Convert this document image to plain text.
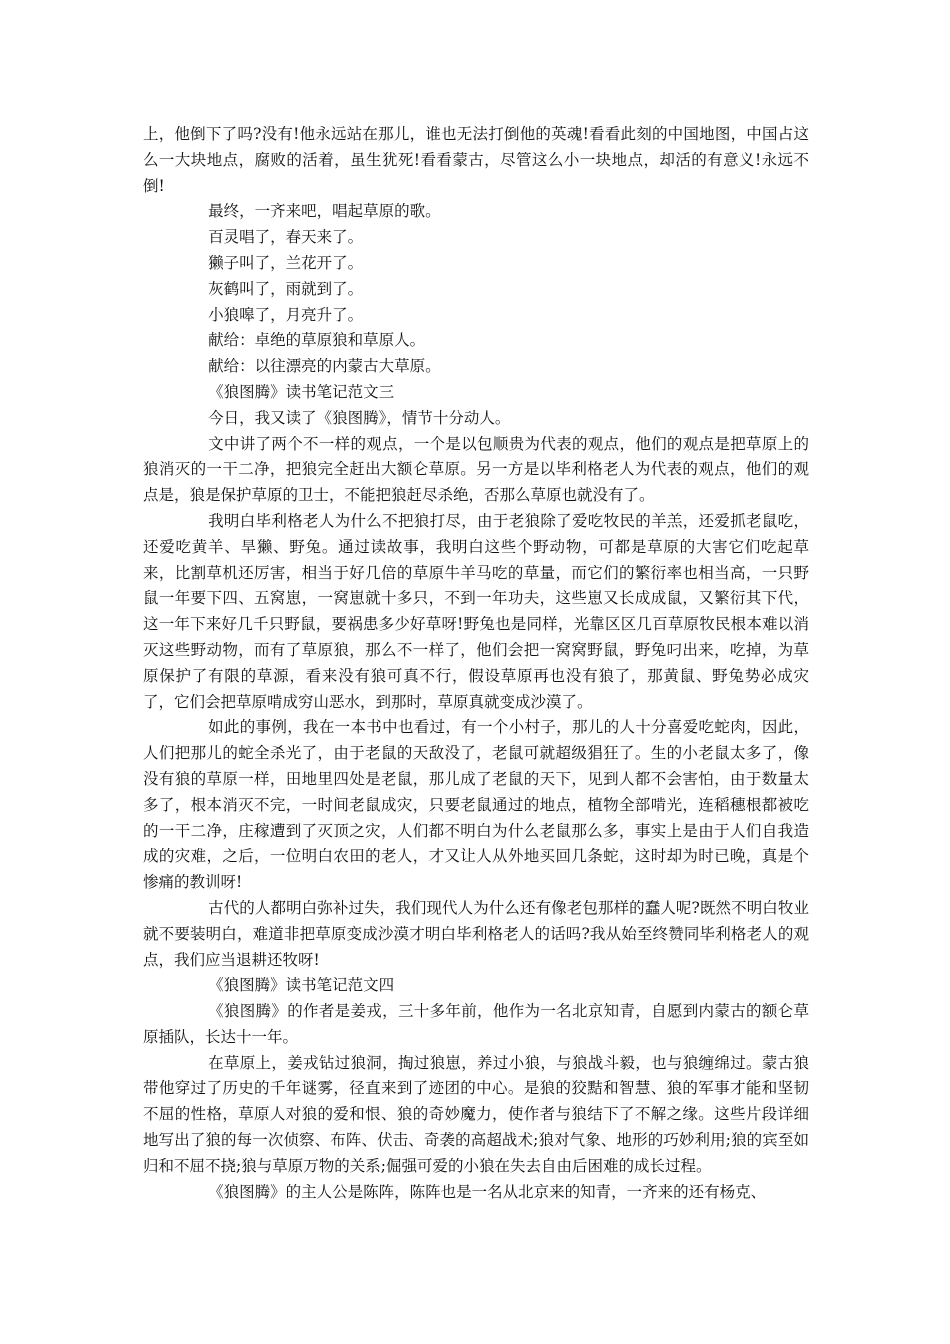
上，他倒下了吗?没有!他永远站在那儿，谁也无法打倒他的英魂!看看此刻的中国地图，中国占这么一大块地点，腐败的活着，虽生犹死!看看蒙古，尽管这么小一块地点，却活的有意义!永远不倒!

最终，一齐来吧，唱起草原的歌。

百灵唱了，春天来了。

獭子叫了，兰花开了。

灰鹤叫了，雨就到了。

小狼嗥了，月亮升了。

献给：卓绝的草原狼和草原人。

献给：以往漂亮的内蒙古大草原。

《狼图腾》读书笔记范文三

今日，我又读了《狼图腾》，情节十分动人。

文中讲了两个不一样的观点，一个是以包顺贵为代表的观点，他们的观点是把草原上的狼消灭的一干二净，把狼完全赶出大额仑草原。另一方是以毕利格老人为代表的观点，他们的观点是，狼是保护草原的卫士，不能把狼赶尽杀绝，否那么草原也就没有了。

我明白毕利格老人为什么不把狼打尽，由于老狼除了爱吃牧民的羊羔，还爱抓老鼠吃，还爱吃黄羊、旱獭、野兔。通过读故事，我明白这些个野动物，可都是草原的大害它们吃起草来，比割草机还厉害，相当于好几倍的草原牛羊马吃的草量，而它们的繁衍率也相当高，一只野鼠一年要下四、五窝崽，一窝崽就十多只，不到一年功夫，这些崽又长成成鼠，又繁衍其下代，这一年下来好几千只野鼠，要祸患多少好草呀!野兔也是同样，光靠区区几百草原牧民根本难以消灭这些野动物，而有了草原狼，那么不一样了，他们会把一窝窝野鼠，野兔叼出来，吃掉，为草原保护了有限的草源，看来没有狼可真不行，假设草原再也没有狼了，那黄鼠、野兔势必成灾了，它们会把草原啃成穷山恶水，到那时，草原真就变成沙漠了。

如此的事例，我在一本书中也看过，有一个小村子，那儿的人十分喜爱吃蛇肉，因此，人们把那儿的蛇全杀光了，由于老鼠的天敌没了，老鼠可就超级猖狂了。生的小老鼠太多了，像没有狼的草原一样，田地里四处是老鼠，那儿成了老鼠的天下，见到人都不会害怕，由于数量太多了，根本消灭不完，一时间老鼠成灾，只要老鼠通过的地点，植物全部啃光，连稻穗根都被吃的一干二净，庄稼遭到了灭顶之灾，人们都不明白为什么老鼠那么多，事实上是由于人们自我造成的灾难，之后，一位明白农田的老人，才又让人从外地买回几条蛇，这时却为时已晚，真是个惨痛的教训呀!

古代的人都明白弥补过失，我们现代人为什么还有像老包那样的蠢人呢?既然不明白牧业就不要装明白，难道非把草原变成沙漠才明白毕利格老人的话吗?我从始至终赞同毕利格老人的观点，我们应当退耕还牧呀!

《狼图腾》读书笔记范文四

《狼图腾》的作者是姜戎，三十多年前，他作为一名北京知青，自愿到内蒙古的额仑草原插队，长达十一年。

在草原上，姜戎钻过狼洞，掏过狼崽，养过小狼，与狼战斗毅，也与狼缠绵过。蒙古狼带他穿过了历史的千年谜雾，径直来到了迹团的中心。是狼的狡黠和智慧、狼的军事才能和坚韧不屈的性格，草原人对狼的爱和恨、狼的奇妙魔力，使作者与狼结下了不解之缘。这些片段详细地写出了狼的每一次侦察、布阵、伏击、奇袭的高超战术;狼对气象、地形的巧妙利用;狼的宾至如归和不屈不挠;狼与草原万物的关系;倔强可爱的小狼在失去自由后困难的成长过程。

《狼图腾》的主人公是陈阵，陈阵也是一名从北京来的知青，一齐来的还有杨克、
